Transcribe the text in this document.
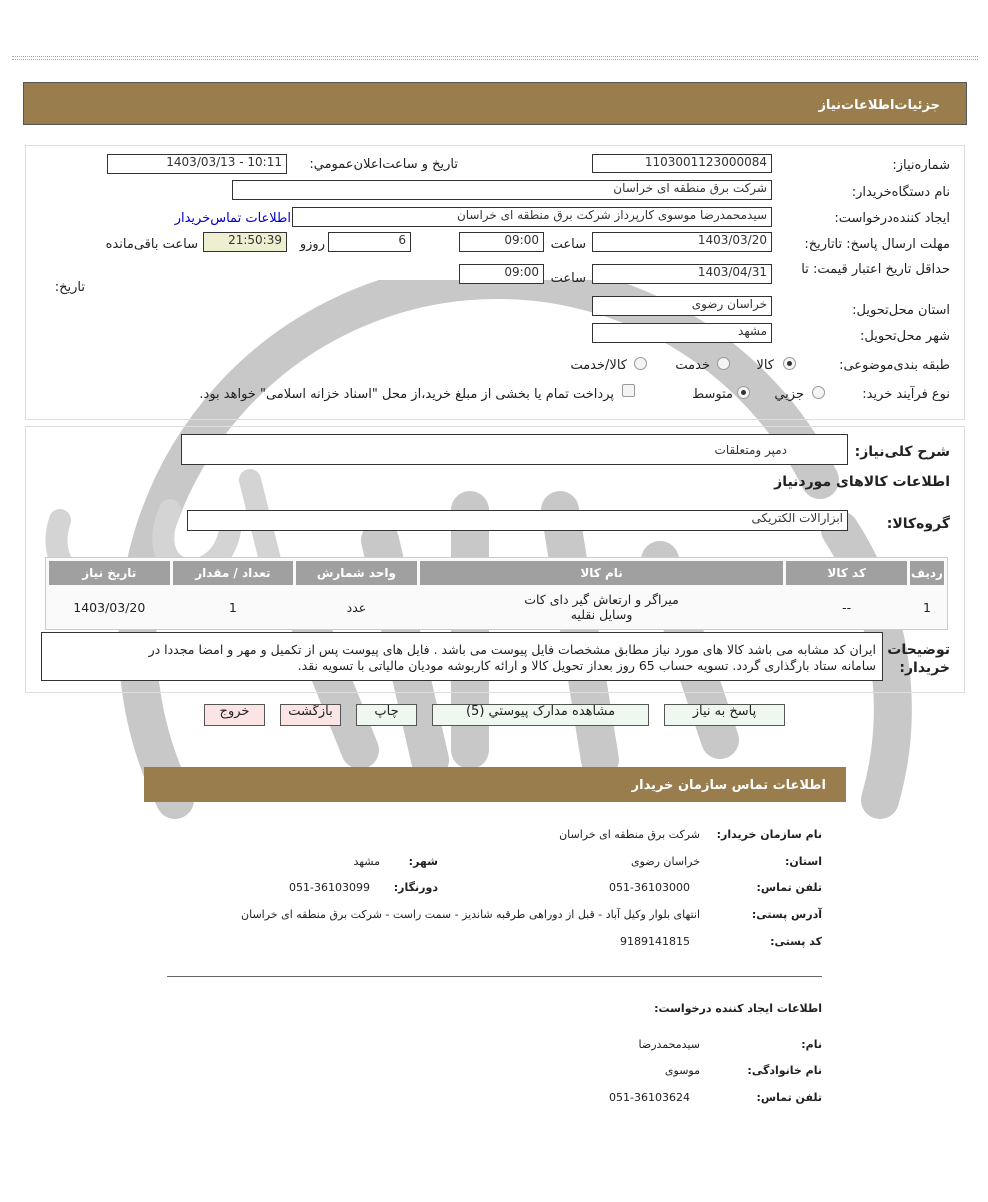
جزئیات‌اطلاعات‌نیاز
شماره‌نیاز:
1103001123000084
تاریخ و ساعت‌اعلان‌عمومي:
1403/03/13 - 10:11
نام دستگاه‌خریدار:
شرکت برق منطقه ای خراسان
ایجاد کننده‌درخواست:
سیدمحمدرضا موسوی کارپرداز شرکت برق منطقه ای خراسان
اطلاعات تماس‌خریدار
مهلت ارسال پاسخ: تاتاریخ:
1403/03/20
ساعت
09:00
6
روزو
21:50:39
ساعت باقی‌مانده
حداقل تاریخ اعتبار قیمت: تا
تاریخ:
1403/04/31
ساعت
09:00
استان محل‌تحویل:
خراسان رضوی
شهر محل‌تحویل:
مشهد
طبقه بندی‌موضوعی:
کالا
خدمت
کالا/خدمت
نوع فرآیند خرید:
جزیي
متوسط
پرداخت تمام یا بخشی از مبلغ خرید،از محل "اسناد خزانه اسلامی" خواهد بود.
شرح کلی‌نیاز:
دمپر ومتعلقات
اطلاعات کالاهای مورد‌نیاز
گروه‌کالا:
ابزارالات الکتریکی
ردیف	کد کالا	نام کالا	واحد شمارش	تعداد / مقدار	تاریخ نیاز
1	--	میراگر و ارتعاش گیر دای کات
وسایل نقلیه	عدد	1	1403/03/20
توضیحات
خریدار:
ایران کد مشابه می باشد کالا های مورد نیاز مطابق مشخصات فایل پیوست می باشد . فایل های پیوست پس از تکمیل و مهر و امضا مجددا در
سامانه ستاد بارگذاری گردد. تسویه حساب 65 روز بعداز تحویل کالا و ارائه کاربوشه مودیان مالیاتی با تسویه نقد.
پاسخ به نیاز
مشاهده مدارک پیوستي (5)
چاپ
بازگشت
خروج
اطلاعات تماس سازمان خریدار
نام سازمان خریدار:
شرکت برق منطقه ای خراسان
استان:
خراسان رضوی
شهر:
مشهد
تلفن تماس:
051-36103000
دورنگار:
051-36103099
آدرس پستی:
انتهای بلوار وکیل آباد - قبل از دوراهی طرقبه شاندیز - سمت راست - شرکت برق منطقه ای خراسان
کد پستی:
9189141815
اطلاعات ایجاد کننده درخواست:
نام:
سیدمحمدرضا
نام خانوادگی:
موسوی
تلفن تماس:
051-36103624
